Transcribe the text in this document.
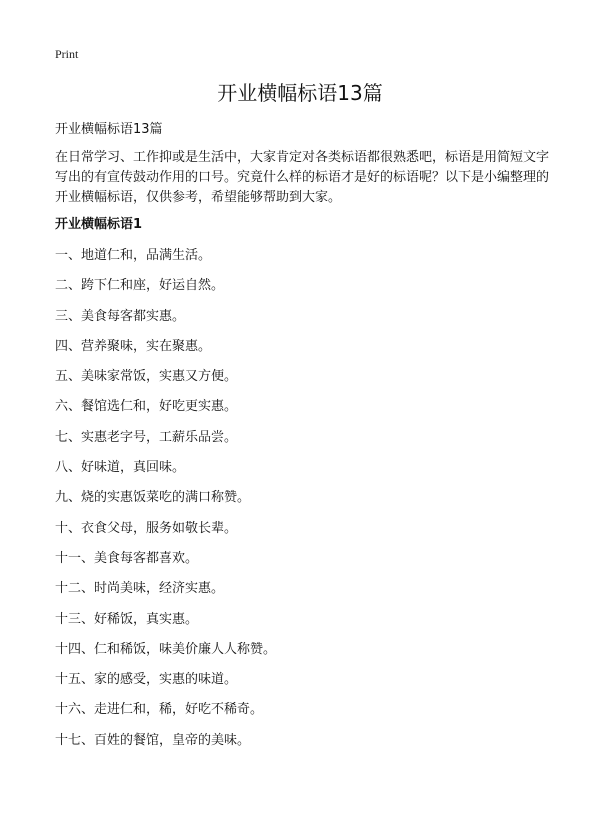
Print
开业横幅标语13篇
开业横幅标语13篇

在日常学习、工作抑或是生活中，大家肯定对各类标语都很熟悉吧，标语是用简短文字写出的有宣传鼓动作用的口号。究竟什么样的标语才是好的标语呢？以下是小编整理的开业横幅标语，仅供参考，希望能够帮助到大家。

开业横幅标语1
一、地道仁和，品满生活。
二、跨下仁和座，好运自然。
三、美食每客都实惠。
四、营养聚味，实在聚惠。
五、美味家常饭，实惠又方便。
六、餐馆选仁和，好吃更实惠。
七、实惠老字号，工薪乐品尝。
八、好味道，真回味。
九、烧的实惠饭菜吃的满口称赞。
十、衣食父母，服务如敬长辈。
十一、美食每客都喜欢。
十二、时尚美味，经济实惠。
十三、好稀饭，真实惠。
十四、仁和稀饭，味美价廉人人称赞。
十五、家的感受，实惠的味道。
十六、走进仁和，稀，好吃不稀奇。
十七、百姓的餐馆，皇帝的美味。
